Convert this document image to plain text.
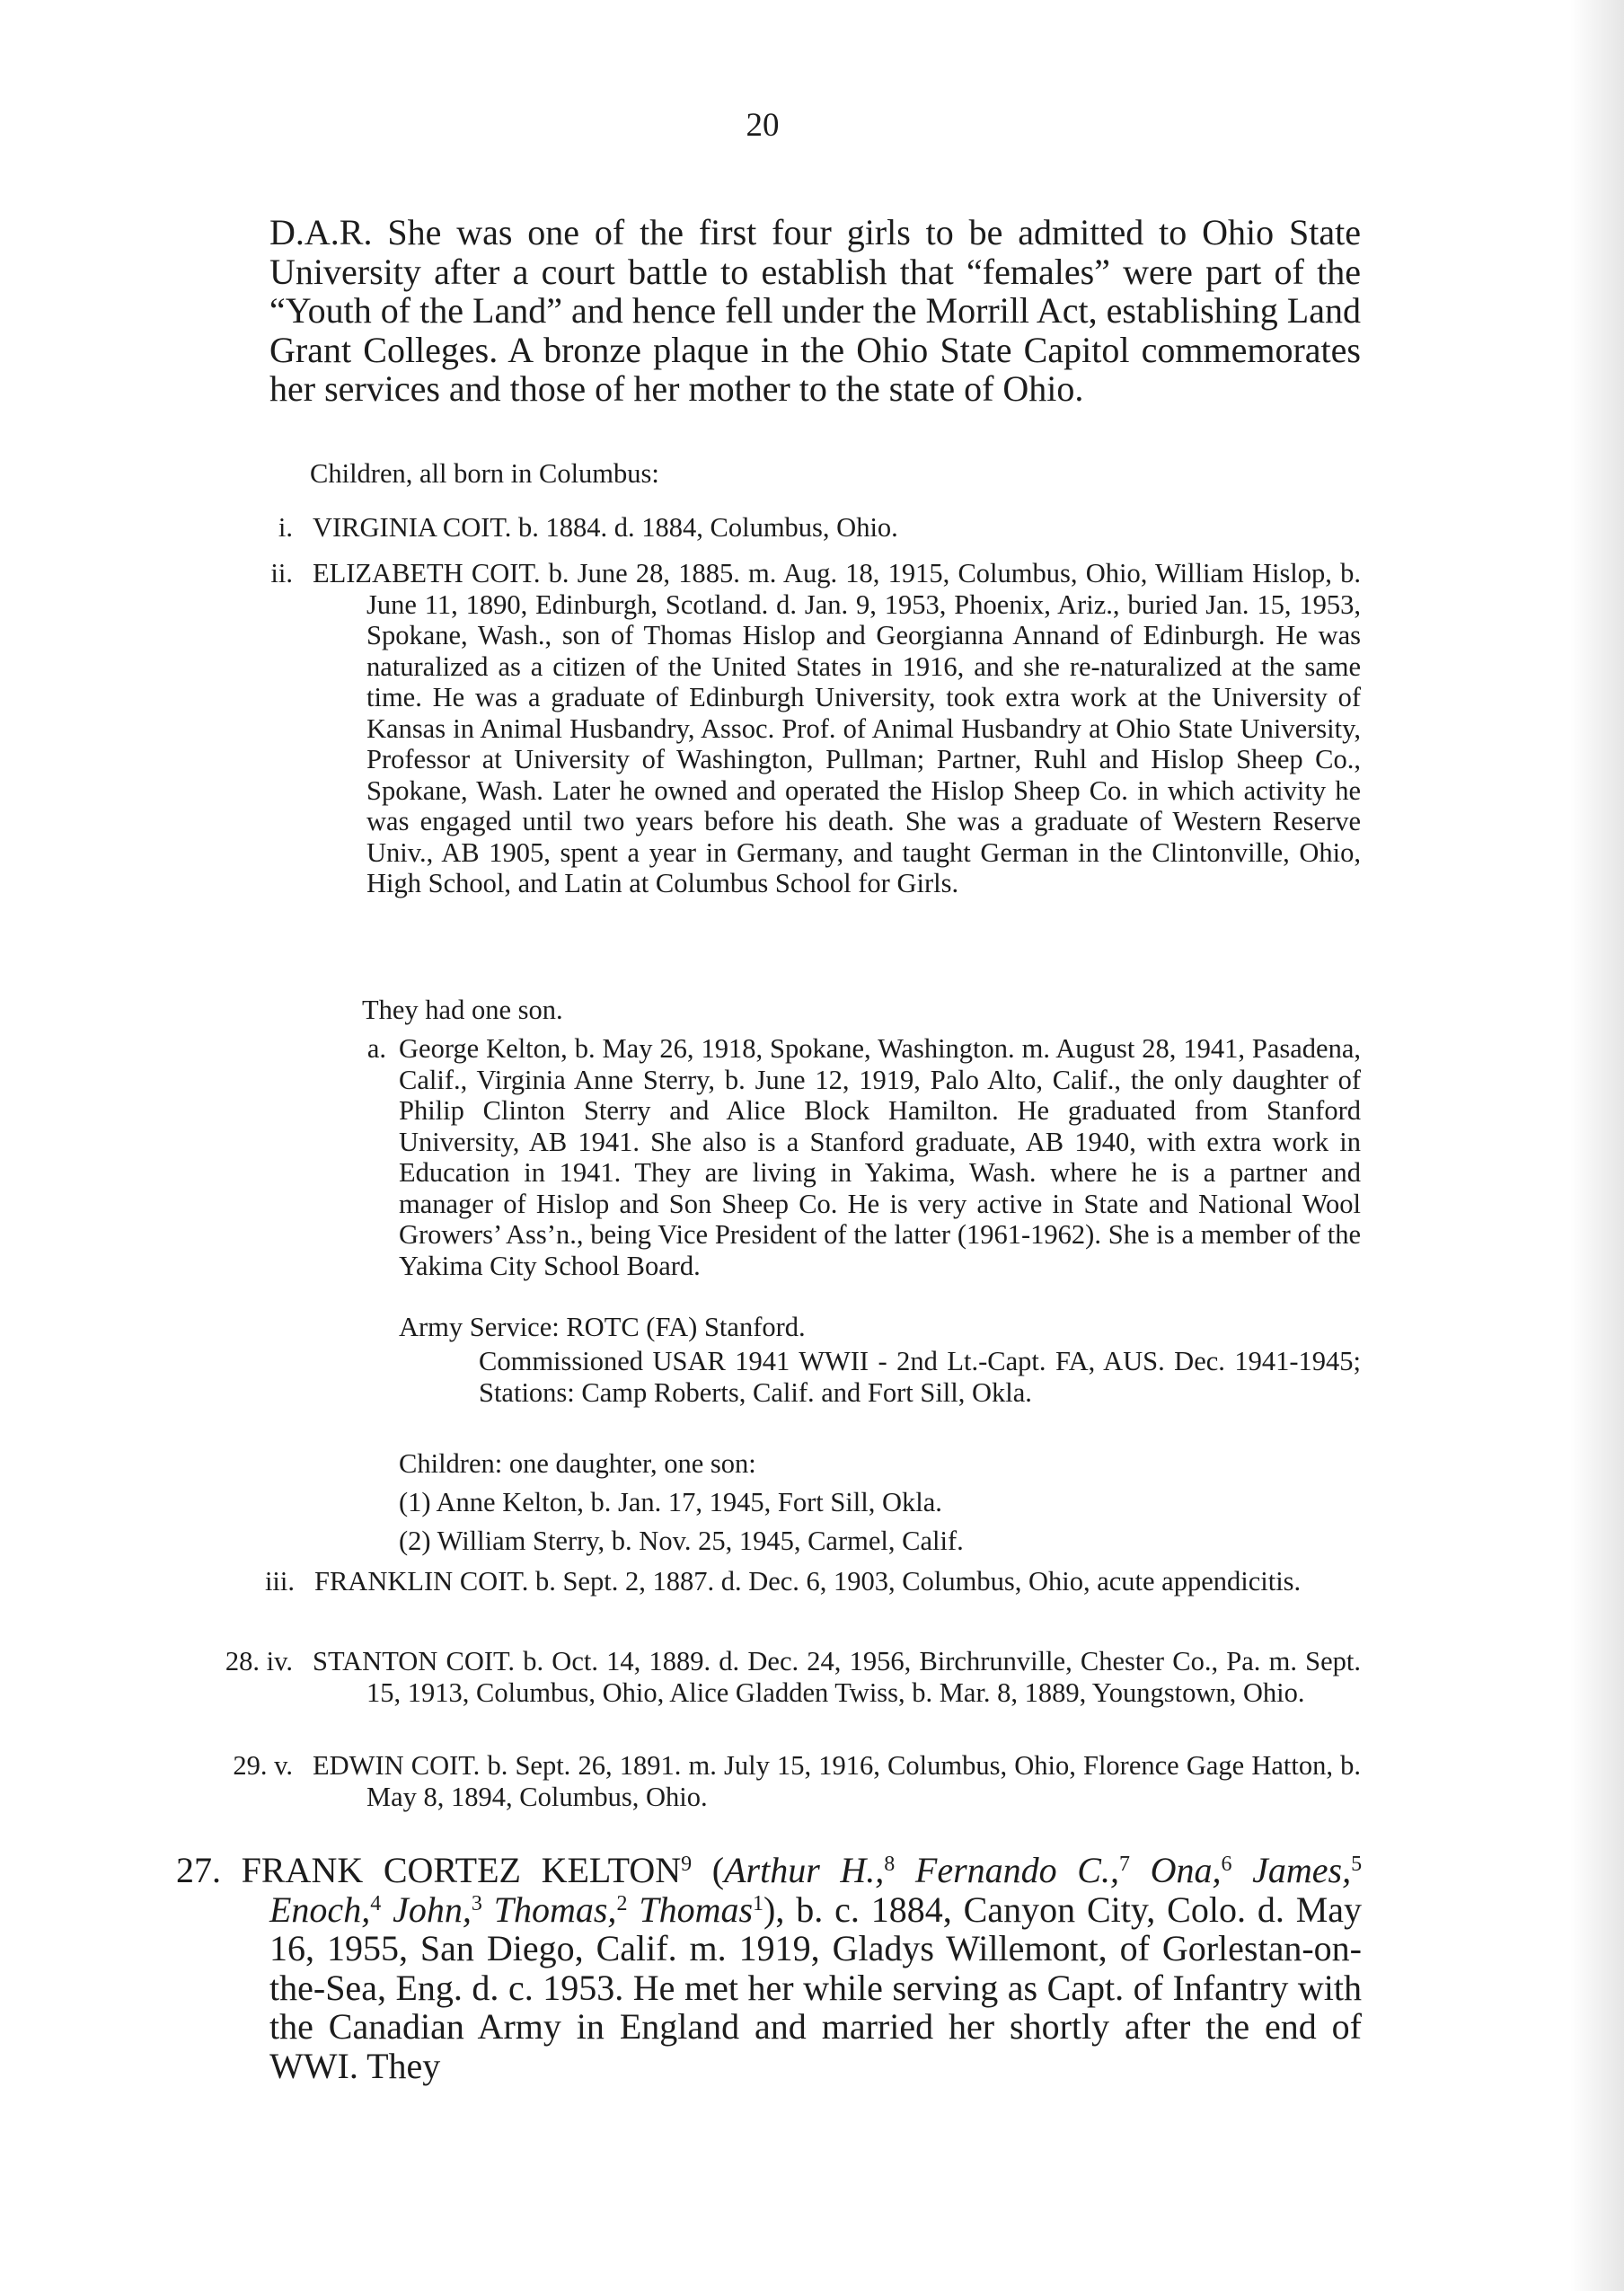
20

D.A.R. She was one of the first four girls to be admitted to Ohio State University after a court battle to establish that “females” were part of the “Youth of the Land” and hence fell under the Morrill Act, establishing Land Grant Colleges. A bronze plaque in the Ohio State Capitol commemorates her services and those of her mother to the state of Ohio.

Children, all born in Columbus:
i. VIRGINIA COIT. b. 1884. d. 1884, Columbus, Ohio.
ii. ELIZABETH COIT. b. June 28, 1885. m. Aug. 18, 1915, Columbus, Ohio, William Hislop, b. June 11, 1890, Edinburgh, Scotland. d. Jan. 9, 1953, Phoenix, Ariz., buried Jan. 15, 1953, Spokane, Wash., son of Thomas Hislop and Georgianna Annand of Edinburgh. He was naturalized as a citizen of the United States in 1916, and she re-naturalized at the same time. He was a graduate of Edinburgh University, took extra work at the University of Kansas in Animal Husbandry, Assoc. Prof. of Animal Husbandry at Ohio State University, Professor at University of Washington, Pullman; Partner, Ruhl and Hislop Sheep Co., Spokane, Wash. Later he owned and operated the Hislop Sheep Co. in which activity he was engaged until two years before his death. She was a graduate of Western Reserve Univ., AB 1905, spent a year in Germany, and taught German in the Clintonville, Ohio, High School, and Latin at Columbus School for Girls.
They had one son.
a. George Kelton, b. May 26, 1918, Spokane, Washington. m. August 28, 1941, Pasadena, Calif., Virginia Anne Sterry, b. June 12, 1919, Palo Alto, Calif., the only daughter of Philip Clinton Sterry and Alice Block Hamilton. He graduated from Stanford University, AB 1941. She also is a Stanford graduate, AB 1940, with extra work in Education in 1941. They are living in Yakima, Wash. where he is a partner and manager of Hislop and Son Sheep Co. He is very active in State and National Wool Growers’ Ass’n., being Vice President of the latter (1961-1962). She is a member of the Yakima City School Board.
Army Service: ROTC (FA) Stanford.
Commissioned USAR 1941 WWII - 2nd Lt.-Capt. FA, AUS. Dec. 1941-1945; Stations: Camp Roberts, Calif. and Fort Sill, Okla.
Children: one daughter, one son:
(1) Anne Kelton, b. Jan. 17, 1945, Fort Sill, Okla.
(2) William Sterry, b. Nov. 25, 1945, Carmel, Calif.
iii. FRANKLIN COIT. b. Sept. 2, 1887. d. Dec. 6, 1903, Columbus, Ohio, acute appendicitis.
28. iv. STANTON COIT. b. Oct. 14, 1889. d. Dec. 24, 1956, Birchrunville, Chester Co., Pa. m. Sept. 15, 1913, Columbus, Ohio, Alice Gladden Twiss, b. Mar. 8, 1889, Youngstown, Ohio.
29. v. EDWIN COIT. b. Sept. 26, 1891. m. July 15, 1916, Columbus, Ohio, Florence Gage Hatton, b. May 8, 1894, Columbus, Ohio.
27. FRANK CORTEZ KELTON$^9$ (Arthur H.,$^8$ Fernando C.,$^7$ Ona,$^6$ James,$^5$ Enoch,$^4$ John,$^3$ Thomas,$^2$ Thomas$^1$), b. c. 1884, Canyon City, Colo. d. May 16, 1955, San Diego, Calif. m. 1919, Gladys Willemont, of Gorlestan-on-the-Sea, Eng. d. c. 1953. He met her while serving as Capt. of Infantry with the Canadian Army in England and married her shortly after the end of WWI. They
